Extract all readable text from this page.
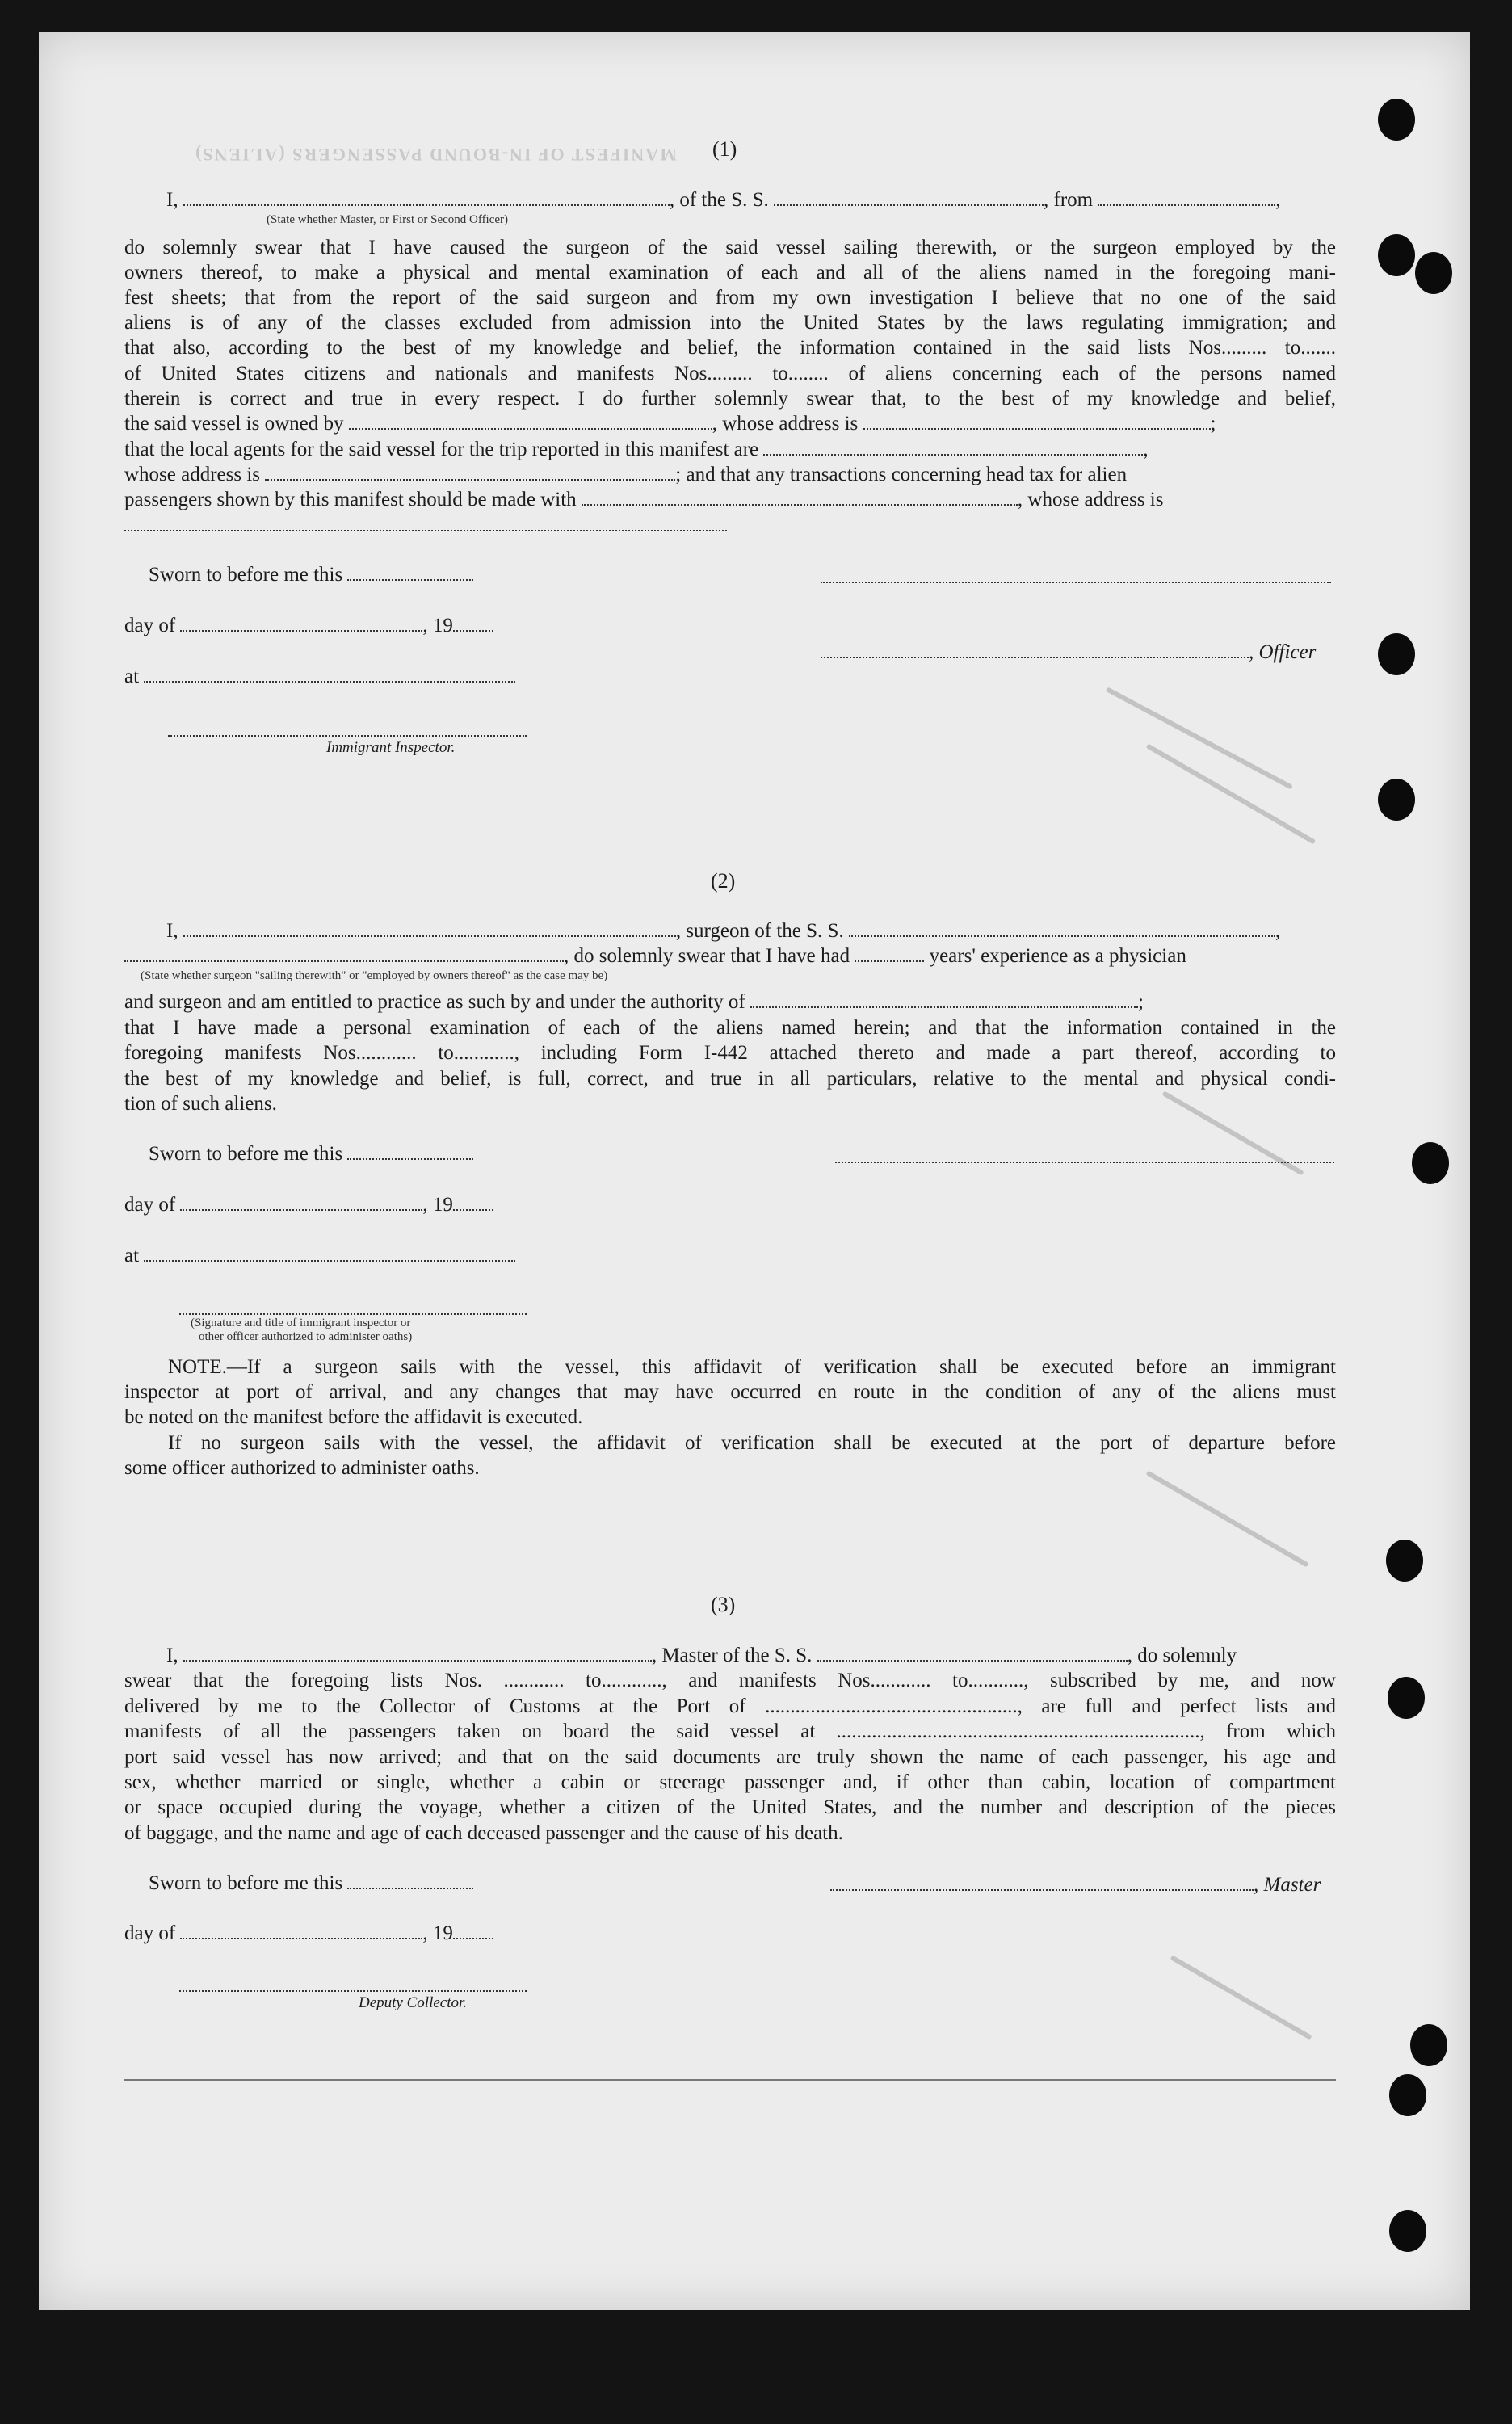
MANIFEST OF IN-BOUND PASSENGERS (ALIENS) (1)
I,	, of the S. S.	, from	,
(State whether Master, or First or Second Officer)
do solemnly swear that I have caused the surgeon of the said vessel sailing therewith, or the surgeon employed by the
owners thereof, to make a physical and mental examination of each and all of the aliens named in the foregoing mani-
fest sheets; that from the report of the said surgeon and from my own investigation I believe that no one of the said
aliens is of any of the classes excluded from admission into the United States by the laws regulating immigration; and
that also, according to the best of my knowledge and belief, the information contained in the said lists Nos......... to.......
of United States citizens and nationals and manifests Nos......... to........ of aliens concerning each of the persons named
therein is correct and true in every respect. I do further solemnly swear that, to the best of my knowledge and belief,
the said vessel is owned by	, whose address is	;
that the local agents for the said vessel for the trip reported in this manifest are	,
whose address is	; and that any transactions concerning head tax for alien
passengers shown by this manifest should be made with	, whose address is
Sworn to before me this
day of	, 19
, Officer
at
Immigrant Inspector.
(2)
I,	, surgeon of the S. S.	,
, do solemnly swear that I have had	years' experience as a physician
(State whether surgeon "sailing therewith" or "employed by owners thereof" as the case may be)
and surgeon and am entitled to practice as such by and under the authority of	;
that I have made a personal examination of each of the aliens named herein; and that the information contained in the
foregoing manifests Nos............ to............, including Form I-442 attached thereto and made a part thereof, according to
the best of my knowledge and belief, is full, correct, and true in all particulars, relative to the mental and physical condi-
tion of such aliens.
Sworn to before me this
day of	, 19
at
(Signature and title of immigrant inspector or
other officer authorized to administer oaths)
NOTE. —If a surgeon sails with the vessel, this affidavit of verification shall be executed before an immigrant
inspector at port of arrival, and any changes that may have occurred en route in the condition of any of the aliens must
be noted on the manifest before the affidavit is executed.
If no surgeon sails with the vessel, the affidavit of verification shall be executed at the port of departure before
some officer authorized to administer oaths.
(3)
I,	, Master of the S. S.	, do solemnly
swear that the foregoing lists Nos. ............ to............, and manifests Nos............ to..........., subscribed by me, and now
delivered by me to the Collector of Customs at the Port of .................................................., are full and perfect lists and
manifests of all the passengers taken on board the said vessel at ........................................................................, from which
port said vessel has now arrived; and that on the said documents are truly shown the name of each passenger, his age and
sex, whether married or single, whether a cabin or steerage passenger and, if other than cabin, location of compartment
or space occupied during the voyage, whether a citizen of the United States, and the number and description of the pieces
of baggage, and the name and age of each deceased passenger and the cause of his death.
Sworn to before me this	, Master
day of	, 19
Deputy Collector.
